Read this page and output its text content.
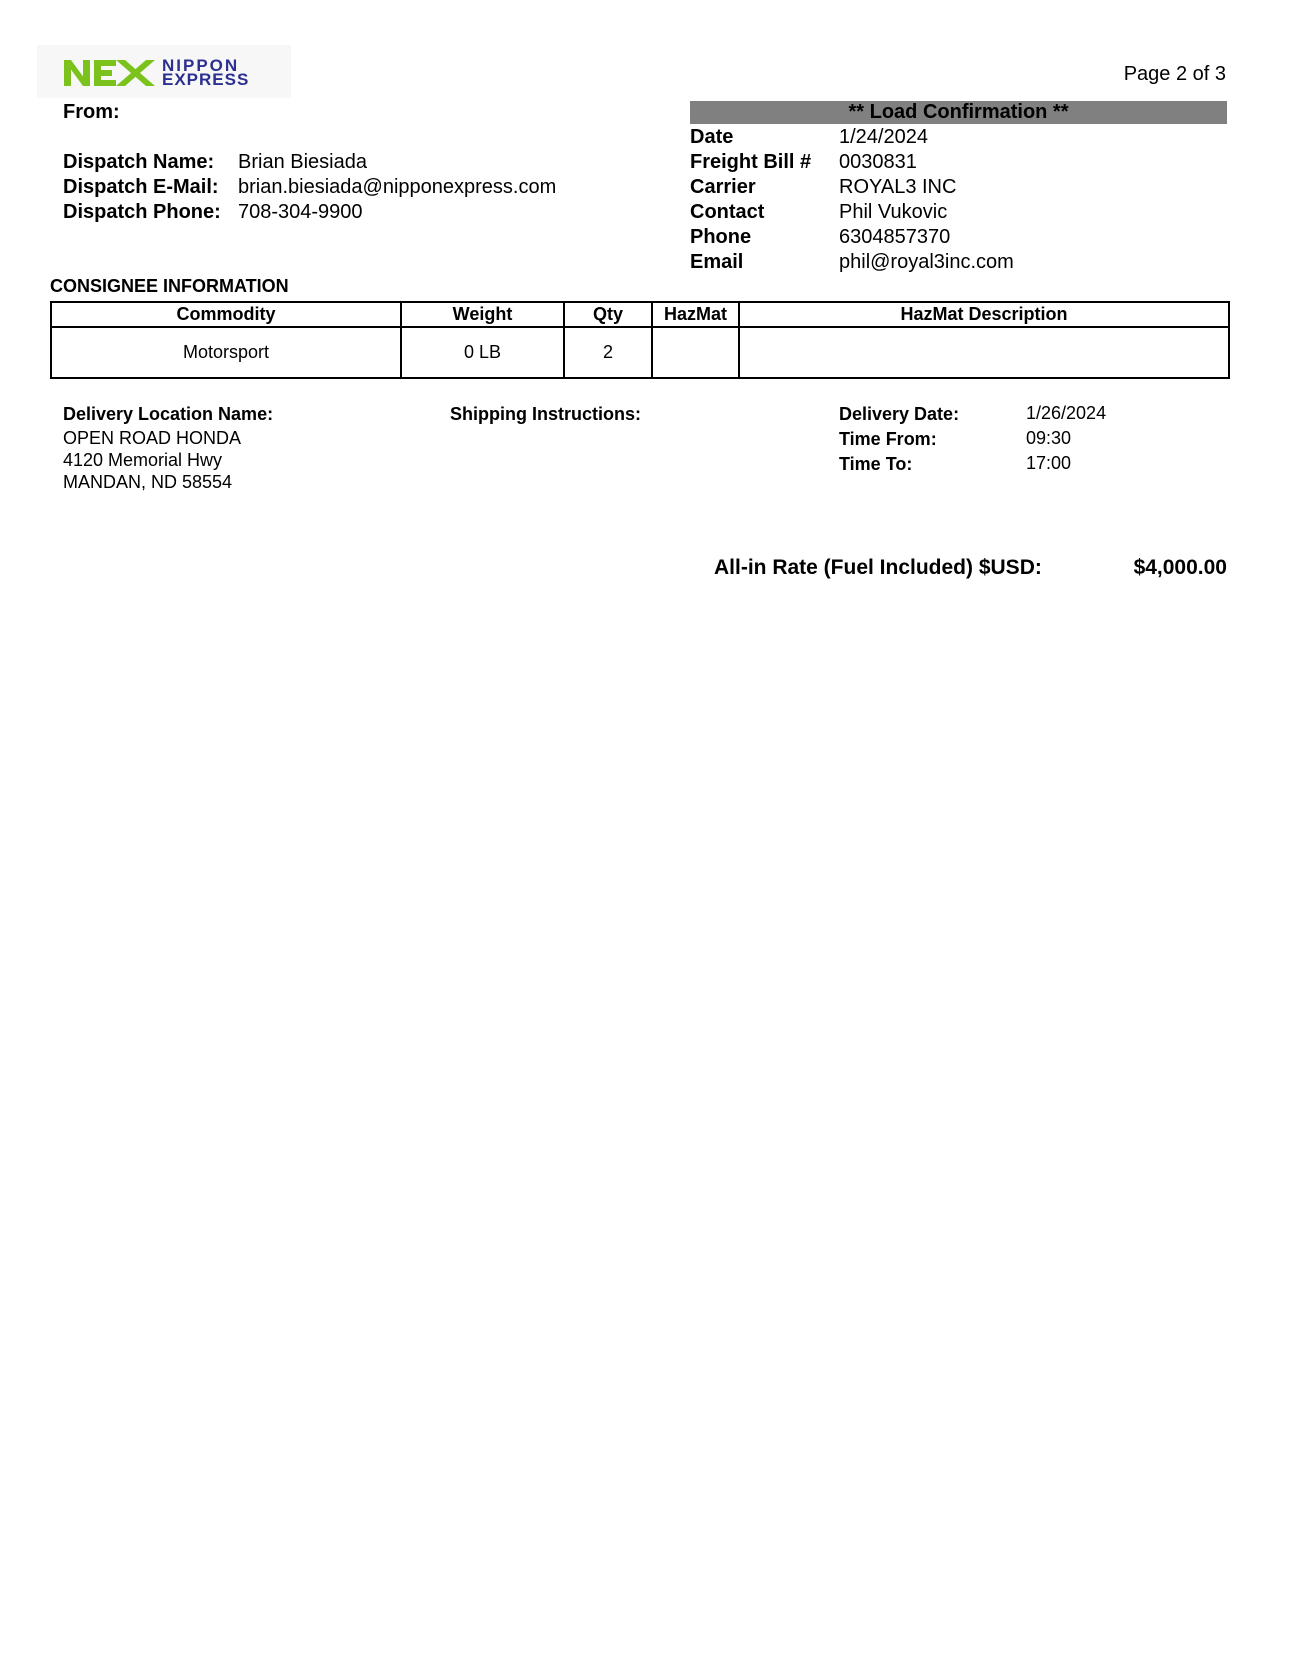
NIPPON
EXPRESS	Page 2 of 3
From:
Dispatch Name: Brian Biesiada
Dispatch E-Mail: brian.biesiada@nipponexpress.com
Dispatch Phone: 708-304-9900
** Load Confirmation **
Date	1/24/2024
Freight Bill # 0030831
Carrier	ROYAL3 INC
Contact	Phil Vukovic
Phone	6304857370
Email	phil@royal3inc.com
CONSIGNEE INFORMATION
Commodity	Weight	Qty	HazMat	HazMat Description
Motorsport	0 LB	2		
Delivery Location Name:
OPEN ROAD HONDA
4120 Memorial Hwy
MANDAN, ND 58554
Shipping Instructions:	Delivery Date:	1/26/2024
Time From:	09:30
Time To:	17:00
All-in Rate (Fuel Included) $USD:	$4,000.00
